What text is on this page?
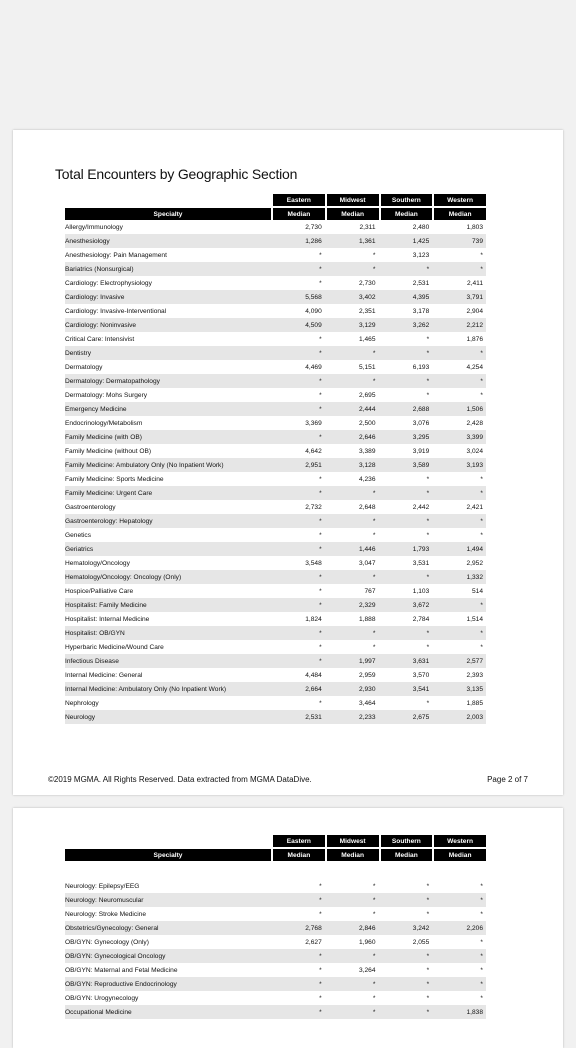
Total Encounters by Geographic Section
	Eastern	Midwest	Southern	Western
Specialty	Median	Median	Median	Median
Allergy/Immunology	2,730	2,311	2,480	1,803
Anesthesiology	1,286	1,361	1,425	739
Anesthesiology: Pain Management	*	*	3,123	*
Bariatrics (Nonsurgical)	*	*	*	*
Cardiology: Electrophysiology	*	2,730	2,531	2,411
Cardiology: Invasive	5,568	3,402	4,395	3,791
Cardiology: Invasive-Interventional	4,090	2,351	3,178	2,904
Cardiology: Noninvasive	4,509	3,129	3,262	2,212
Critical Care: Intensivist	*	1,465	*	1,876
Dentistry	*	*	*	*
Dermatology	4,469	5,151	6,193	4,254
Dermatology: Dermatopathology	*	*	*	*
Dermatology: Mohs Surgery	*	2,695	*	*
Emergency Medicine	*	2,444	2,688	1,506
Endocrinology/Metabolism	3,369	2,500	3,076	2,428
Family Medicine (with OB)	*	2,646	3,295	3,399
Family Medicine (without OB)	4,642	3,389	3,919	3,024
Family Medicine: Ambulatory Only (No Inpatient Work)	2,951	3,128	3,589	3,193
Family Medicine: Sports Medicine	*	4,236	*	*
Family Medicine: Urgent Care	*	*	*	*
Gastroenterology	2,732	2,648	2,442	2,421
Gastroenterology: Hepatology	*	*	*	*
Genetics	*	*	*	*
Geriatrics	*	1,446	1,793	1,494
Hematology/Oncology	3,548	3,047	3,531	2,952
Hematology/Oncology: Oncology (Only)	*	*	*	1,332
Hospice/Palliative Care	*	767	1,103	514
Hospitalist: Family Medicine	*	2,329	3,672	*
Hospitalist: Internal Medicine	1,824	1,888	2,784	1,514
Hospitalist: OB/GYN	*	*	*	*
Hyperbaric Medicine/Wound Care	*	*	*	*
Infectious Disease	*	1,997	3,631	2,577
Internal Medicine: General	4,484	2,959	3,570	2,393
Internal Medicine: Ambulatory Only (No Inpatient Work)	2,664	2,930	3,541	3,135
Nephrology	*	3,464	*	1,885
Neurology	2,531	2,233	2,675	2,003
©2019 MGMA. All Rights Reserved. Data extracted from MGMA DataDive.	Page 2 of 7
	Eastern	Midwest	Southern	Western
Specialty	Median	Median	Median	Median

Neurology: Epilepsy/EEG	*	*	*	*
Neurology: Neuromuscular	*	*	*	*
Neurology: Stroke Medicine	*	*	*	*
Obstetrics/Gynecology: General	2,768	2,846	3,242	2,206
OB/GYN: Gynecology (Only)	2,627	1,960	2,055	*
OB/GYN: Gynecological Oncology	*	*	*	*
OB/GYN: Maternal and Fetal Medicine	*	3,264	*	*
OB/GYN: Reproductive Endocrinology	*	*	*	*
OB/GYN: Urogynecology	*	*	*	*
Occupational Medicine	*	*	*	1,838
